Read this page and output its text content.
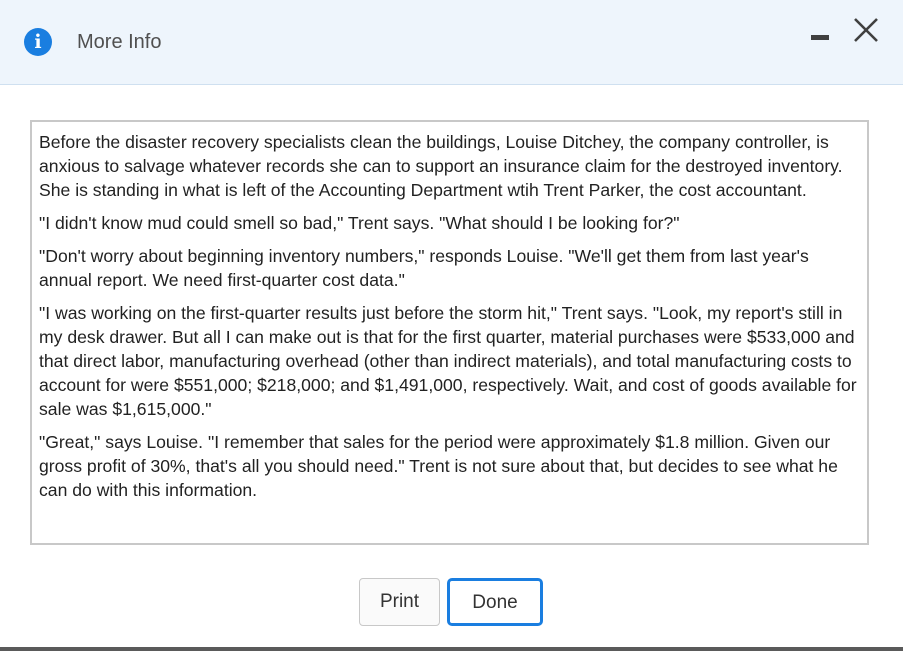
i	More Info

Before the disaster recovery specialists clean the buildings, Louise Ditchey, the company controller, is anxious to salvage whatever records she can to support an insurance claim for the destroyed inventory. She is standing in what is left of the Accounting Department wtih Trent Parker, the cost accountant.

"I didn't know mud could smell so bad," Trent says. "What should I be looking for?"

"Don't worry about beginning inventory numbers," responds Louise. "We'll get them from last year's annual report. We need first-quarter cost data."

"I was working on the first-quarter results just before the storm hit," Trent says. "Look, my report's still in my desk drawer. But all I can make out is that for the first quarter, material purchases were $533,000 and that direct labor, manufacturing overhead (other than indirect materials), and total manufacturing costs to account for were $551,000; $218,000; and $1,491,000, respectively. Wait, and cost of goods available for sale was $1,615,000."

"Great," says Louise. "I remember that sales for the period were approximately $1.8 million. Given our gross profit of 30%, that's all you should need." Trent is not sure about that, but decides to see what he can do with this information.

Print	Done
